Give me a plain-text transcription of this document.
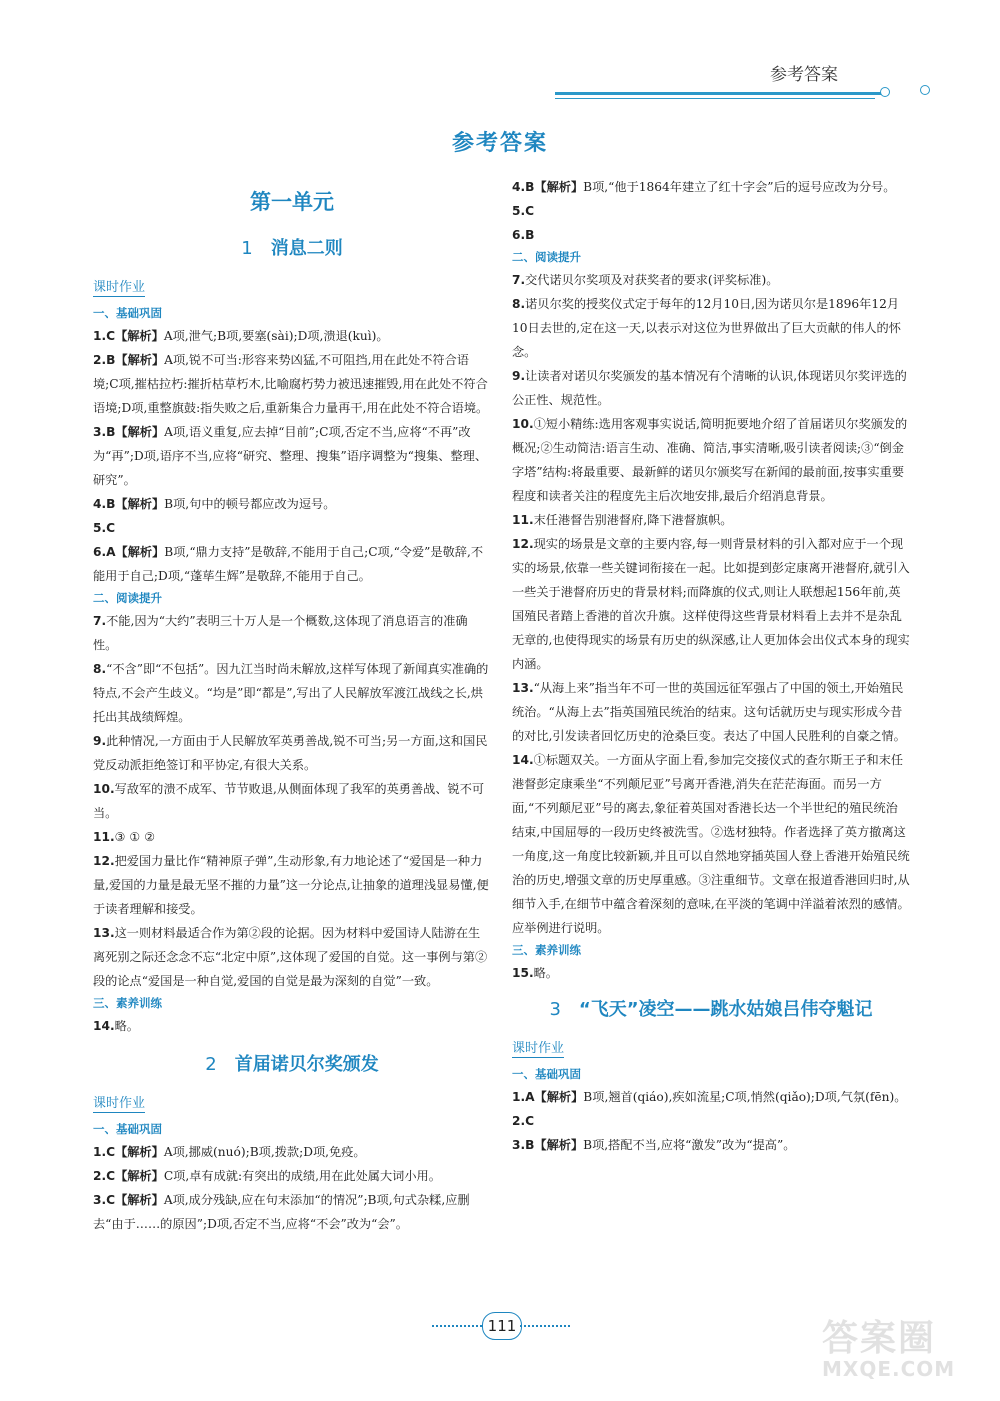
参考答案
参考答案
第一单元
1 消息二则
课时作业
一、基础巩固
1.C【解析】A项,泄气;B项,要塞(sài);D项,溃退(kuì)。
2.B【解析】A项,锐不可当:形容来势凶猛,不可阻挡,用在此处不符合语境;C项,摧枯拉朽:摧折枯草朽木,比喻腐朽势力被迅速摧毁,用在此处不符合语境;D项,重整旗鼓:指失败之后,重新集合力量再干,用在此处不符合语境。
3.B【解析】A项,语义重复,应去掉“目前”;C项,否定不当,应将“不再”改为“再”;D项,语序不当,应将“研究、整理、搜集”语序调整为“搜集、整理、研究”。
4.B【解析】B项,句中的顿号都应改为逗号。
5.C
6.A【解析】B项,“鼎力支持”是敬辞,不能用于自己;C项,“令爱”是敬辞,不能用于自己;D项,“蓬荜生辉”是敬辞,不能用于自己。
二、阅读提升
7.不能,因为“大约”表明三十万人是一个概数,这体现了消息语言的准确性。
8.“不含”即“不包括”。因九江当时尚未解放,这样写体现了新闻真实准确的特点,不会产生歧义。“均是”即“都是”,写出了人民解放军渡江战线之长,烘托出其战绩辉煌。
9.此种情况,一方面由于人民解放军英勇善战,锐不可当;另一方面,这和国民党反动派拒绝签订和平协定,有很大关系。
10.写敌军的溃不成军、节节败退,从侧面体现了我军的英勇善战、锐不可当。
11.③ ① ②
12.把爱国力量比作“精神原子弹”,生动形象,有力地论述了“爱国是一种力量,爱国的力量是最无坚不摧的力量”这一分论点,让抽象的道理浅显易懂,便于读者理解和接受。
13.这一则材料最适合作为第②段的论据。因为材料中爱国诗人陆游在生离死别之际还念念不忘“北定中原”,这体现了爱国的自觉。这一事例与第②段的论点“爱国是一种自觉,爱国的自觉是最为深刻的自觉”一致。
三、素养训练
14.略。
2 首届诺贝尔奖颁发
课时作业
一、基础巩固
1.C【解析】A项,挪威(nuó);B项,拨款;D项,免疫。
2.C【解析】C项,卓有成就:有突出的成绩,用在此处属大词小用。
3.C【解析】A项,成分残缺,应在句末添加“的情况”;B项,句式杂糅,应删去“由于……的原因”;D项,否定不当,应将“不会”改为“会”。
4.B【解析】B项,“他于1864年建立了红十字会”后的逗号应改为分号。
5.C
6.B
二、阅读提升
7.交代诺贝尔奖项及对获奖者的要求(评奖标准)。
8.诺贝尔奖的授奖仪式定于每年的12月10日,因为诺贝尔是1896年12月10日去世的,定在这一天,以表示对这位为世界做出了巨大贡献的伟人的怀念。
9.让读者对诺贝尔奖颁发的基本情况有个清晰的认识,体现诺贝尔奖评选的公正性、规范性。
10.①短小精练:选用客观事实说话,简明扼要地介绍了首届诺贝尔奖颁发的概况;②生动简洁:语言生动、准确、简洁,事实清晰,吸引读者阅读;③“倒金字塔”结构:将最重要、最新鲜的诺贝尔颁奖写在新闻的最前面,按事实重要程度和读者关注的程度先主后次地安排,最后介绍消息背景。
11.末任港督告别港督府,降下港督旗帜。
12.现实的场景是文章的主要内容,每一则背景材料的引入都对应于一个现实的场景,依靠一些关键词衔接在一起。比如提到彭定康离开港督府,就引入一些关于港督府历史的背景材料;而降旗的仪式,则让人联想起156年前,英国殖民者踏上香港的首次升旗。这样使得这些背景材料看上去并不是杂乱无章的,也使得现实的场景有历史的纵深感,让人更加体会出仪式本身的现实内涵。
13.“从海上来”指当年不可一世的英国远征军强占了中国的领土,开始殖民统治。“从海上去”指英国殖民统治的结束。这句话就历史与现实形成今昔的对比,引发读者回忆历史的沧桑巨变。表达了中国人民胜利的自豪之情。
14.①标题双关。一方面从字面上看,参加完交接仪式的查尔斯王子和末任港督彭定康乘坐“不列颠尼亚”号离开香港,消失在茫茫海面。而另一方面,“不列颠尼亚”号的离去,象征着英国对香港长达一个半世纪的殖民统治结束,中国屈辱的一段历史终被洗雪。②选材独特。作者选择了英方撤离这一角度,这一角度比较新颖,并且可以自然地穿插英国人登上香港开始殖民统治的历史,增强文章的历史厚重感。③注重细节。文章在报道香港回归时,从细节入手,在细节中蕴含着深刻的意味,在平淡的笔调中洋溢着浓烈的感情。应举例进行说明。
三、素养训练
15.略。
3 “飞天”凌空——跳水姑娘吕伟夺魁记
课时作业
一、基础巩固
1.A【解析】B项,翘首(qiáo),疾如流星;C项,悄然(qiǎo);D项,气氛(fēn)。
2.C
3.B【解析】B项,搭配不当,应将“激发”改为“提高”。
111	答案圈
MXQE.COM
